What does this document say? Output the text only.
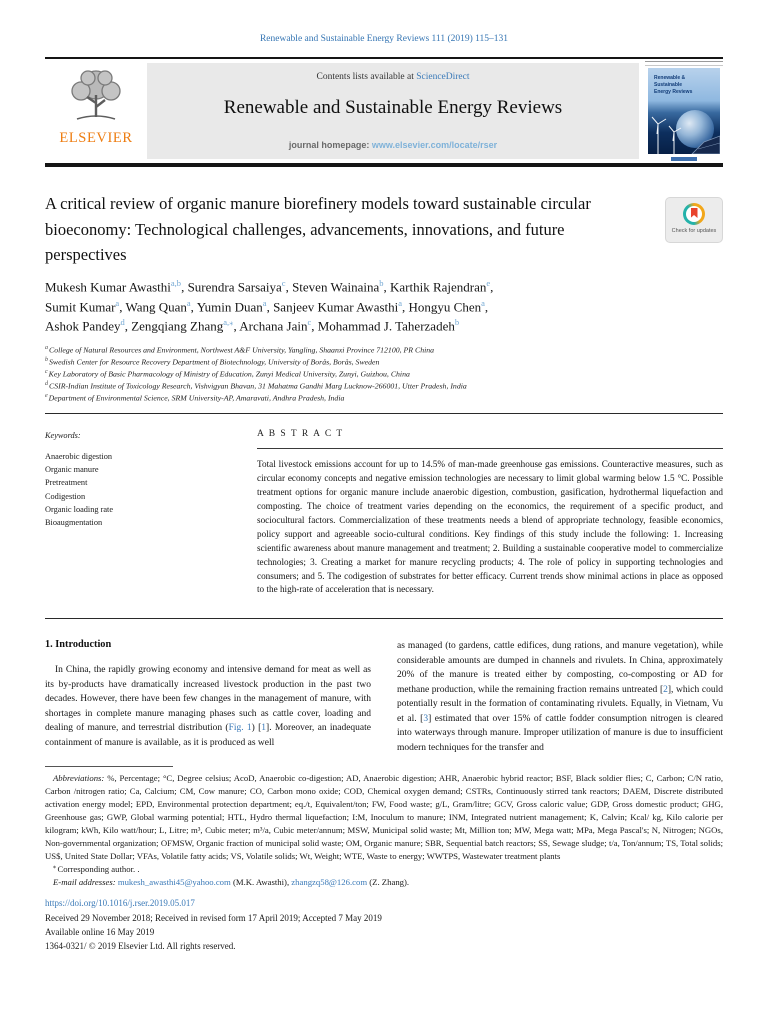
Renewable and Sustainable Energy Reviews 111 (2019) 115–131
ELSEVIER
Contents lists available at ScienceDirect
Renewable and Sustainable Energy Reviews
journal homepage: www.elsevier.com/locate/rser
Renewable &
Sustainable
Energy Reviews
A critical review of organic manure biorefinery models toward sustainable circular bioeconomy: Technological challenges, advancements, innovations, and future perspectives
Check for updates
Mukesh Kumar Awasthi$^{a,b}$, Surendra Sarsaiya$^c$, Steven Wainaina$^b$, Karthik Rajendran$^e$,
Sumit Kumar$^a$, Wang Quan$^a$, Yumin Duan$^a$, Sanjeev Kumar Awasthi$^a$, Hongyu Chen$^a$,
Ashok Pandey$^d$, Zengqiang Zhang$^{a,⁎}$, Archana Jain$^c$, Mohammad J. Taherzadeh$^b$
$^a$College of Natural Resources and Environment, Northwest A&F University, Yangling, Shaanxi Province 712100, PR China
$^b$Swedish Center for Resource Recovery Department of Biotechnology, University of Borås, Borås, Sweden
$^c$Key Laboratory of Basic Pharmacology of Ministry of Education, Zunyi Medical University, Zunyi, Guizhou, China
$^d$CSIR-Indian Institute of Toxicology Research, Vishvigyan Bhavan, 31 Mahatma Gandhi Marg Lucknow-266001, Utter Pradesh, India
$^e$Department of Environmental Science, SRM University-AP, Amaravati, Andhra Pradesh, India
Keywords:
Anaerobic digestion
Organic manure
Pretreatment
Codigestion
Organic loading rate
Bioaugmentation
A B S T R A C T
Total livestock emissions account for up to 14.5% of man-made greenhouse gas emissions. Counteractive measures, such as circular economy concepts and negative emission technologies are necessary to limit global warming below 1.5 °C. Possible treatment options for organic manure include anaerobic digestion, combustion, gasification, hydrothermal liquefaction and composting. The choice of treatment varies depending on the economics, the requirement of a specific product, and sociocultural factors. Commercialization of these treatments needs a blend of appropriate technology, feasible economics, policy support and agreeable socio-cultural conditions. Key findings of this study include the following: 1. Increasing scientific awareness about manure management and treatment; 2. Building a sustainable cooperative model to commercialize technologies; 3. Creating a market for manure recycling products; 4. The role of policy in supporting technologies and consumers; and 5. The codigestion of substrates for better efficacy. Current trends show minimal actions in place as opposed to the high-rate of acceleration that is necessary.
1. Introduction

In China, the rapidly growing economy and intensive demand for meat as well as its by-products have dramatically increased livestock production in the past two decades. However, there have been few changes in the management of manure, with shortages in complete manure managing phases such as cattle cover, loading and dealing of manure, and terrestrial distribution (Fig. 1) [1]. Moreover, an inadequate containment of manure is available, as it is produced as well

as managed (to gardens, cattle edifices, dung rations, and manure vegetation), while considerable amounts are dumped in channels and rivulets. In China, approximately 20% of the manure is treated either by composting, co-composting or AD for methane production, while the remaining fraction remains untreated [2], which could potentially result in the formation of contaminating rivulets. Equally, in Vietnam, Vu et al. [3] estimated that over 15% of cattle fodder consumption nitrogen is cleared into waterways through manure. Improper utilization of manure is due to insufficient modern techniques for the transfer and

Abbreviations: %, Percentage; °C, Degree celsius; AcoD, Anaerobic co-digestion; AD, Anaerobic digestion; AHR, Anaerobic hybrid reactor; BSF, Black soldier flies; C, Carbon; C/N ratio, Carbon /nitrogen ratio; Ca, Calcium; CM, Cow manure; CO, Carbon mono oxide; COD, Chemical oxygen demand; CSTRs, Continuously stirred tank reactors; DAEM, Discrete distributed activation energy model; EPD, Environmental protection department; eq./t, Equivalent/ton; FW, Food waste; g/L, Gram/litre; GCV, Gross caloric value; GDP, Gross domestic product; GHG, Greenhouse gas; GWP, Global warming potential; HTL, Hydro thermal liquefaction; I:M, Inoculum to manure; INM, Integrated nutrient management; K, Calvin; Kcal/ kg, Kilo calorie per kilogram; kWh, Kilo watt/hour; L, Litre; m³, Cubic meter; m³/a, Cubic meter/annum; MSW, Municipal solid waste; Mt, Million ton; MW, Mega watt; MPa, Mega Pascal's; N, Nitrogen; NGOs, Non-governmental organization; OFMSW, Organic fraction of municipal solid waste; OM, Organic manure; SBR, Sequential batch reactors; SS, Sewage sludge; t/a, Ton/annum; TS, Total solids; US$, United State Dollar; VFAs, Volatile fatty acids; VS, Volatile solids; Wt, Weight; WTE, Waste to energy; WWTPS, Wastewater treatment plants

⁎ Corresponding author. .

E-mail addresses: mukesh_awasthi45@yahoo.com (M.K. Awasthi), zhangzq58@126.com (Z. Zhang).

https://doi.org/10.1016/j.rser.2019.05.017
Received 29 November 2018; Received in revised form 17 April 2019; Accepted 7 May 2019
Available online 16 May 2019
1364-0321/ © 2019 Elsevier Ltd. All rights reserved.
